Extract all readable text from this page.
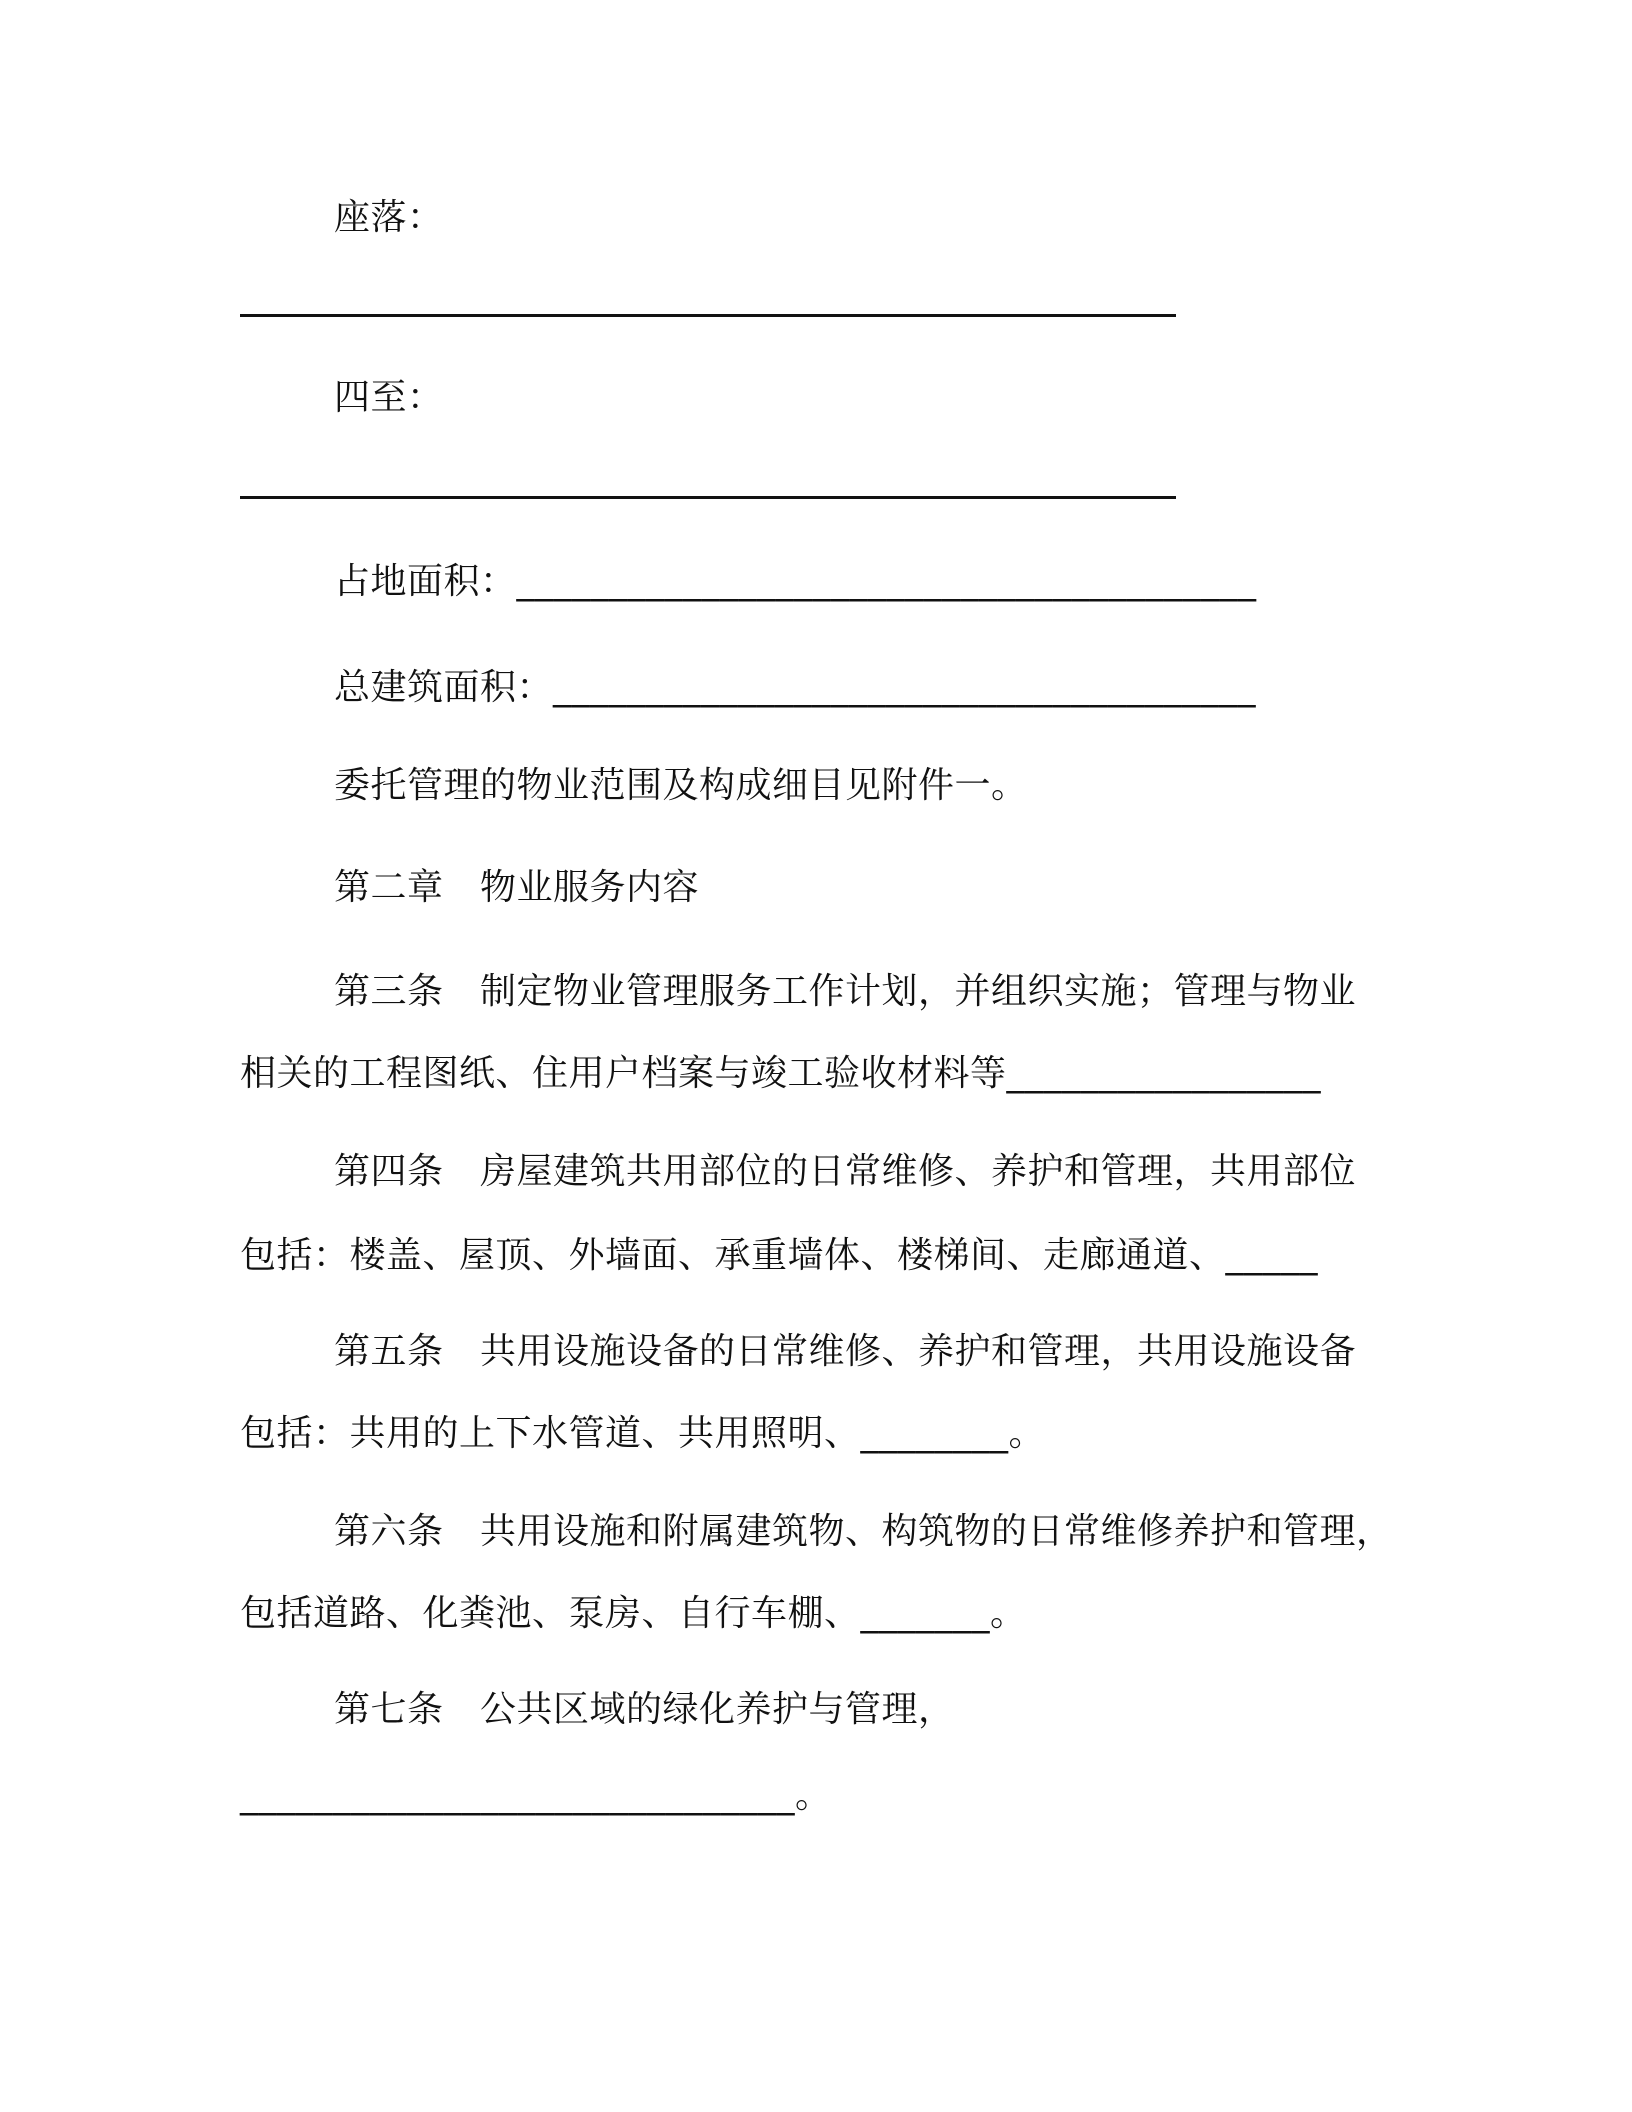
座落：
四至：
占地面积：________________________________________
总建筑面积：______________________________________
委托管理的物业范围及构成细目见附件一。
第二章　物业服务内容
第三条　制定物业管理服务工作计划，并组织实施；管理与物业
相关的工程图纸、住用户档案与竣工验收材料等_________________
第四条　房屋建筑共用部位的日常维修、养护和管理，共用部位
包括：楼盖、屋顶、外墙面、承重墙体、楼梯间、走廊通道、_____
第五条　共用设施设备的日常维修、养护和管理，共用设施设备
包括：共用的上下水管道、共用照明、________。
第六条　共用设施和附属建筑物、构筑物的日常维修养护和管理，
包括道路、化粪池、泵房、自行车棚、_______。
第七条　公共区域的绿化养护与管理，
______________________________。
